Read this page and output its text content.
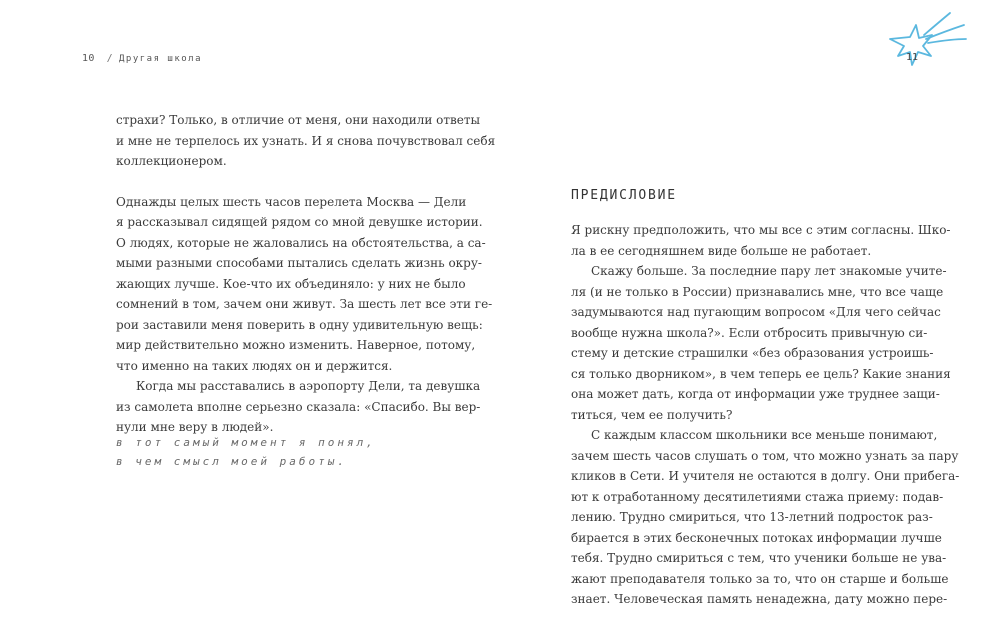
10 / Другая школа	11

страхи? Только, в отличие от меня, они находили ответы
и мне не терпелось их узнать. И я снова почувствовал себя
коллекционером.

Однажды целых шесть часов перелета Москва — Дели
я рассказывал сидящей рядом со мной девушке истории.
О людях, которые не жаловались на обстоятельства, а са-
мыми разными способами пытались сделать жизнь окру-
жающих лучше. Кое-что их объединяло: у них не было
сомнений в том, зачем они живут. За шесть лет все эти ге-
рои заставили меня поверить в одну удивительную вещь:
мир действительно можно изменить. Наверное, потому,
что именно на таких людях он и держится.

Когда мы расставались в аэропорту Дели, та девушка
из самолета вполне серьезно сказала: «Спасибо. Вы вер-
нули мне веру в людей».

в тот самый момент я понял,
в чем смысл моей работы.
ПРЕДИСЛОВИЕ

Я рискну предположить, что мы все с этим согласны. Шко-
ла в ее сегодняшнем виде больше не работает.

Скажу больше. За последние пару лет знакомые учите-
ля (и не только в России) признавались мне, что все чаще
задумываются над пугающим вопросом «Для чего сейчас
вообще нужна школа?». Если отбросить привычную си-
стему и детские страшилки «без образования устроишь-
ся только дворником», в чем теперь ее цель? Какие знания
она может дать, когда от информации уже труднее защи-
титься, чем ее получить?

С каждым классом школьники все меньше понимают,
зачем шесть часов слушать о том, что можно узнать за пару
кликов в Сети. И учителя не остаются в долгу. Они прибега-
ют к отработанному десятилетиями стажа приему: подав-
лению. Трудно смириться, что 13-летний подросток раз-
бирается в этих бесконечных потоках информации лучше
тебя. Трудно смириться с тем, что ученики больше не ува-
жают преподавателя только за то, что он старше и больше
знает. Человеческая память ненадежна, дату можно пере-
